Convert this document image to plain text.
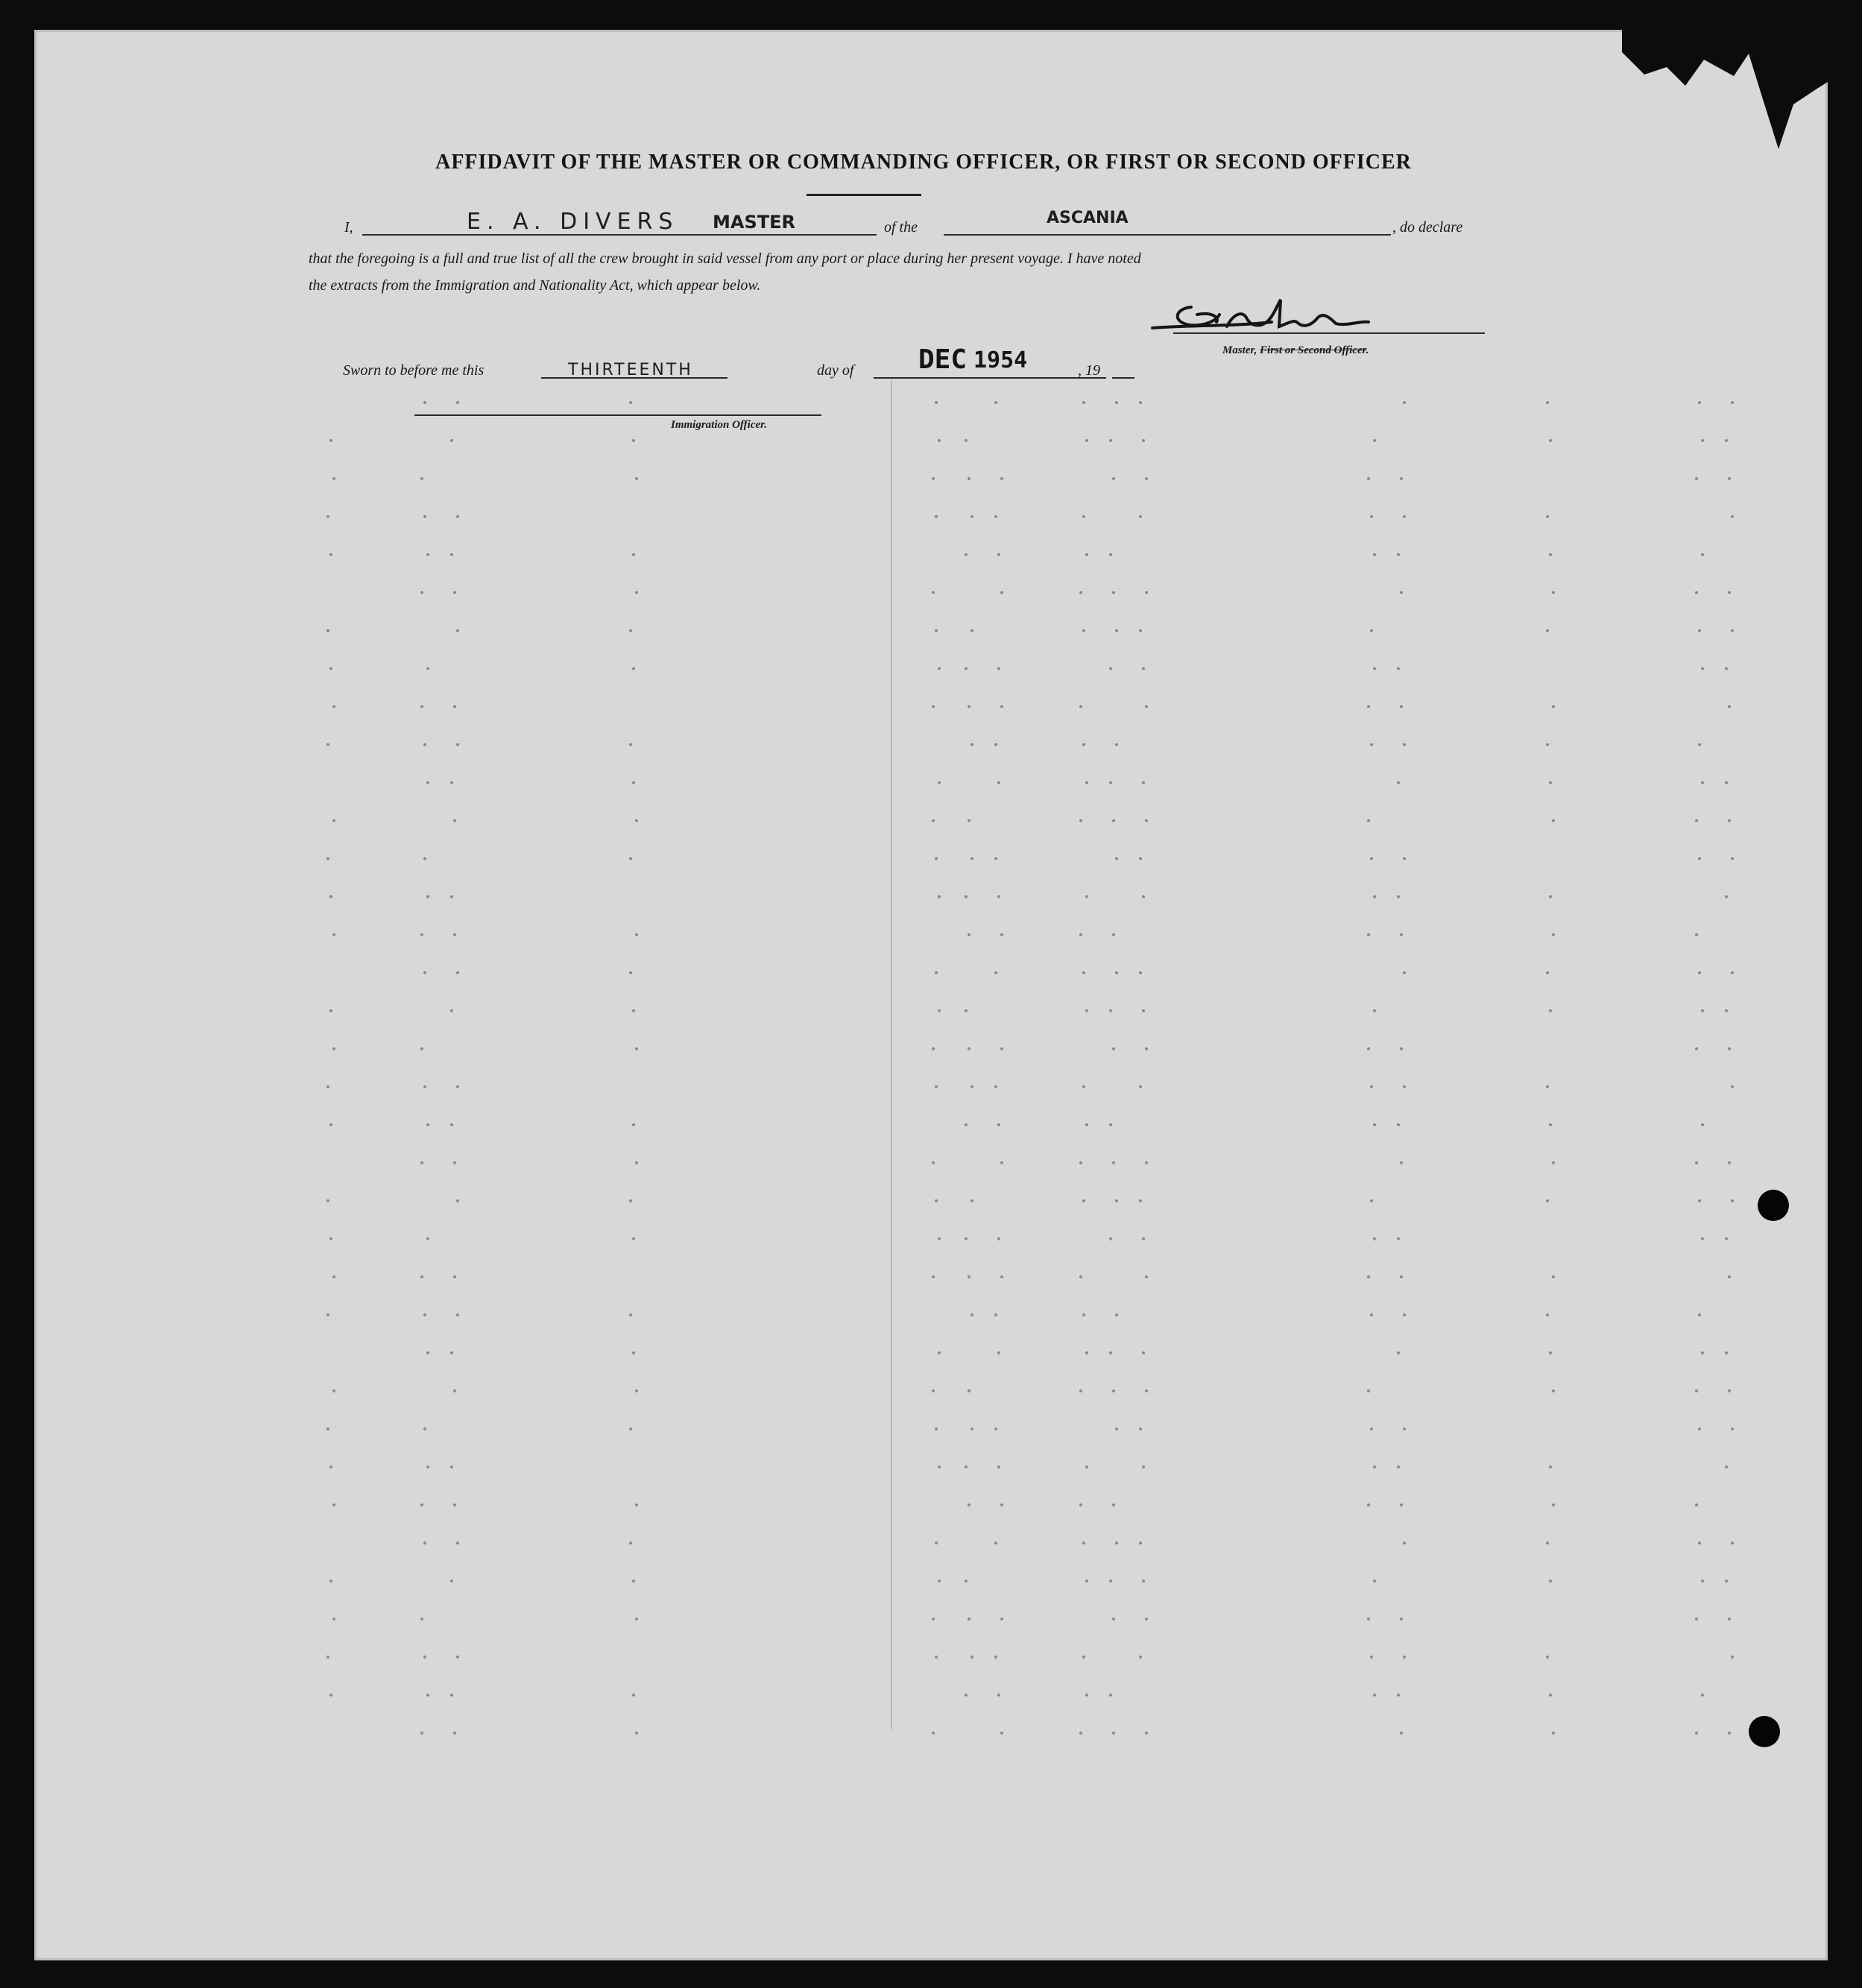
AFFIDAVIT OF THE MASTER OR COMMANDING OFFICER, OR FIRST OR SECOND OFFICER
I,	E. A. DIVERS MASTER	of the	ASCANIA	, do declare
that the foregoing is a full and true list of all the crew brought in said vessel from any port or place during her present voyage. I have noted
the extracts from the Immigration and Nationality Act, which appear below.
Master, First or Second Officer.
Sworn to before me this	THIRTEENTH	day of DEC 1954	, 19
Immigration Officer.
